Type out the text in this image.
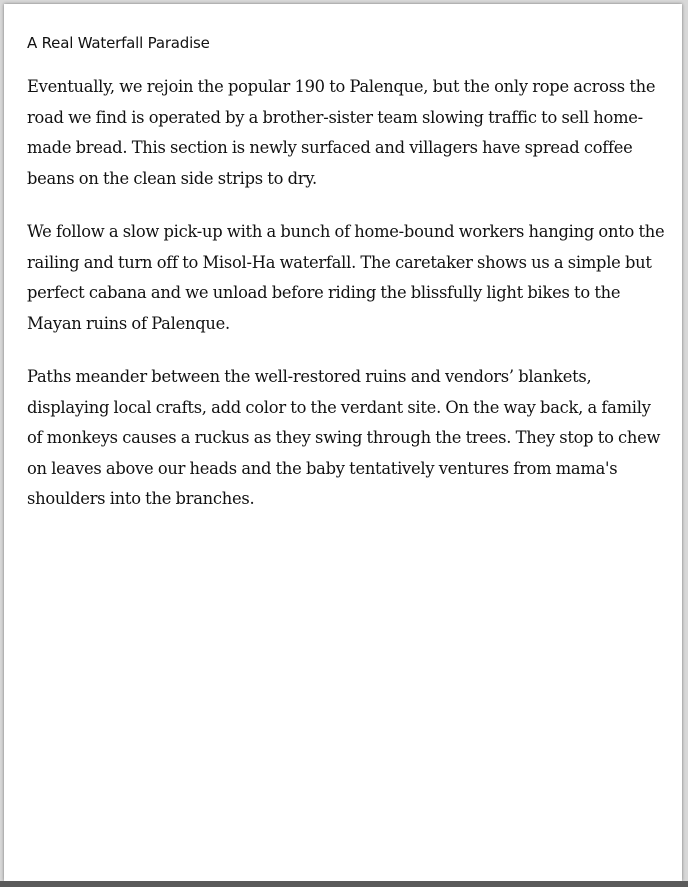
A Real Waterfall Paradise

Eventually, we rejoin the popular 190 to Palenque, but the only rope across the road we find is operated by a brother-sister team slowing traffic to sell home-made bread. This section is newly surfaced and villagers have spread coffee beans on the clean side strips to dry.

We follow a slow pick-up with a bunch of home-bound workers hanging onto the railing and turn off to Misol-Ha waterfall. The caretaker shows us a simple but perfect cabana and we unload before riding the blissfully light bikes to the Mayan ruins of Palenque.

Paths meander between the well-restored ruins and vendors’ blankets, displaying local crafts, add color to the verdant site. On the way back, a family of monkeys causes a ruckus as they swing through the trees. They stop to chew on leaves above our heads and the baby tentatively ventures from mama's shoulders into the branches.
